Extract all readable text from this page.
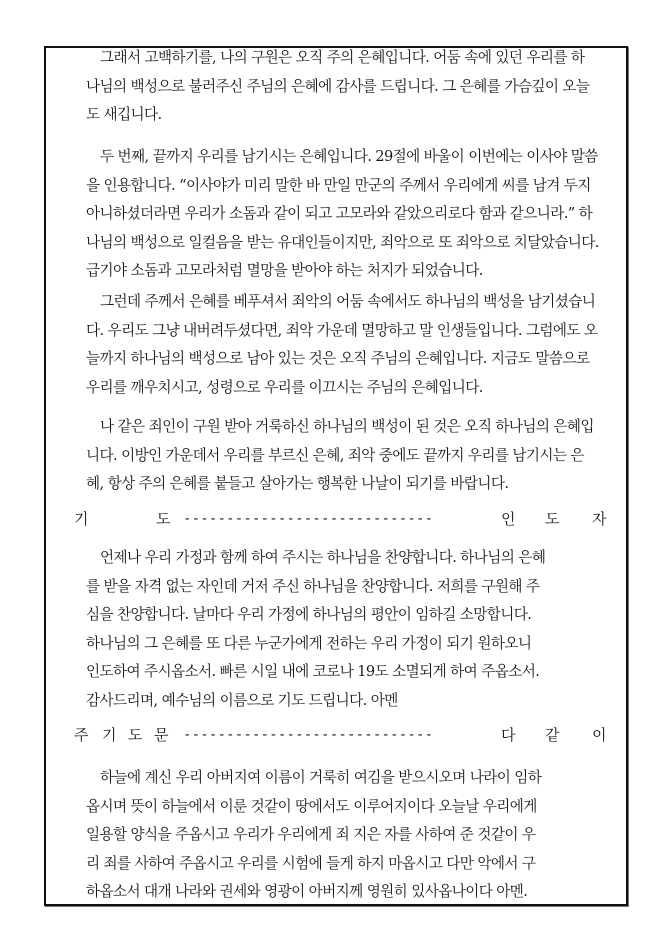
그래서 고백하기를, 나의 구원은 오직 주의 은혜입니다. 어둠 속에 있던 우리를 하
나님의 백성으로 불러주신 주님의 은혜에 감사를 드립니다. 그 은혜를 가슴깊이 오늘
도 새깁니다.
두 번째, 끝까지 우리를 남기시는 은혜입니다. 29절에 바울이 이번에는 이사야 말씀
을 인용합니다. “이사야가 미리 말한 바 만일 만군의 주께서 우리에게 씨를 남겨 두지
아니하셨더라면 우리가 소돔과 같이 되고 고모라와 같았으리로다 함과 같으니라.” 하
나님의 백성으로 일컬음을 받는 유대인들이지만, 죄악으로 또 죄악으로 치달았습니다.
급기야 소돔과 고모라처럼 멸망을 받아야 하는 처지가 되었습니다.
그런데 주께서 은혜를 베푸셔서 죄악의 어둠 속에서도 하나님의 백성을 남기셨습니
다. 우리도 그냥 내버려두셨다면, 죄악 가운데 멸망하고 말 인생들입니다. 그럼에도 오
늘까지 하나님의 백성으로 남아 있는 것은 오직 주님의 은혜입니다. 지금도 말씀으로
우리를 깨우치시고, 성령으로 우리를 이끄시는 주님의 은혜입니다.
나 같은 죄인이 구원 받아 거룩하신 하나님의 백성이 된 것은 오직 하나님의 은혜입
니다. 이방인 가운데서 우리를 부르신 은혜, 죄악 중에도 끝까지 우리를 남기시는 은
혜, 항상 주의 은혜를 붙들고 살아가는 행복한 나날이 되기를 바랍니다.
기	도 -----------------------------	인 도 자
언제나 우리 가정과 함께 하여 주시는 하나님을 찬양합니다. 하나님의 은혜
를 받을 자격 없는 자인데 거저 주신 하나님을 찬양합니다. 저희를 구원해 주
심을 찬양합니다. 날마다 우리 가정에 하나님의 평안이 임하길 소망합니다.
하나님의 그 은혜를 또 다른 누군가에게 전하는 우리 가정이 되기 원하오니
인도하여 주시옵소서. 빠른 시일 내에 코로나 19도 소멸되게 하여 주옵소서.
감사드리며, 예수님의 이름으로 기도 드립니다. 아멘
주 기 도 문 -----------------------------	다 같 이
하늘에 계신 우리 아버지여 이름이 거룩히 여김을 받으시오며 나라이 임하
옵시며 뜻이 하늘에서 이룬 것같이 땅에서도 이루어지이다 오늘날 우리에게
일용할 양식을 주옵시고 우리가 우리에게 죄 지은 자를 사하여 준 것같이 우
리 죄를 사하여 주옵시고 우리를 시험에 들게 하지 마옵시고 다만 악에서 구
하옵소서 대개 나라와 권세와 영광이 아버지께 영원히 있사옵나이다 아멘.
